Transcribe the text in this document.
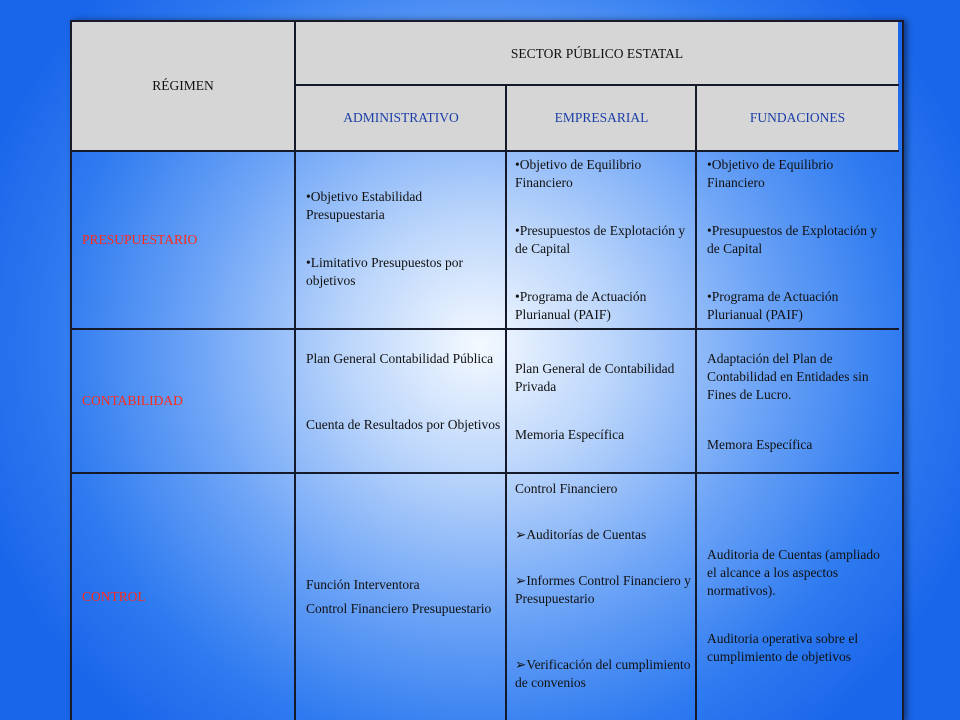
RÉGIMEN
SECTOR PÚBLICO ESTATAL
ADMINISTRATIVO	EMPRESARIAL	FUNDACIONES
PRESUPUESTARIO

•Objetivo Estabilidad Presupuestaria

•Limitativo Presupuestos por objetivos

•Objetivo de Equilibrio Financiero

•Presupuestos de Explotación y de Capital

•Programa de Actuación Plurianual (PAIF)

•Objetivo de Equilibrio Financiero

•Presupuestos de Explotación y de Capital

•Programa de Actuación Plurianual (PAIF)

CONTABILIDAD

Plan General Contabilidad Pública

Cuenta de Resultados por Objetivos

Plan General de Contabilidad Privada

Memoria Específica

Adaptación del Plan de Contabilidad en Entidades sin Fines de Lucro.

Memora Específica

CONTROL

Función Interventora

Control Financiero Presupuestario

Control Financiero

➢Auditorías de Cuentas

➢Informes Control Financiero y Presupuestario

➢Verificación del cumplimiento de convenios

Auditoria de Cuentas (ampliado el alcance a los aspectos normativos).

Auditoria operativa sobre el cumplimiento de objetivos
